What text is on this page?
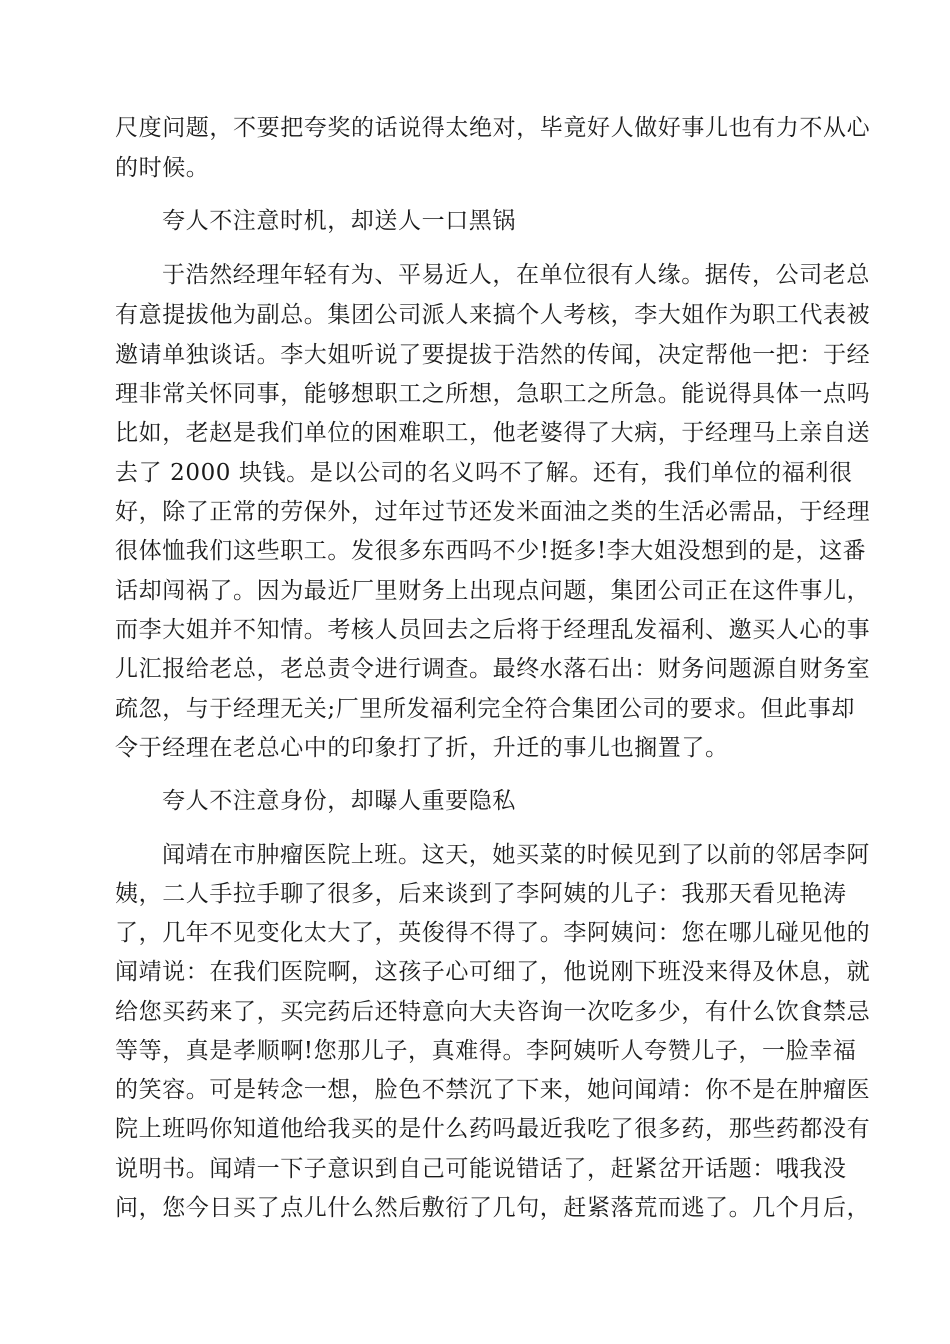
尺度问题，不要把夸奖的话说得太绝对，毕竟好人做好事儿也有力不从心
的时候。
夸人不注意时机，却送人一口黑锅
于浩然经理年轻有为、平易近人，在单位很有人缘。据传，公司老总
有意提拔他为副总。集团公司派人来搞个人考核，李大姐作为职工代表被
邀请单独谈话。李大姐听说了要提拔于浩然的传闻，决定帮他一把：于经
理非常关怀同事，能够想职工之所想，急职工之所急。能说得具体一点吗
比如，老赵是我们单位的困难职工，他老婆得了大病，于经理马上亲自送
去了 2000 块钱。是以公司的名义吗不了解。还有，我们单位的福利很
好，除了正常的劳保外，过年过节还发米面油之类的生活必需品，于经理
很体恤我们这些职工。发很多东西吗不少!挺多!李大姐没想到的是，这番
话却闯祸了。因为最近厂里财务上出现点问题，集团公司正在这件事儿，
而李大姐并不知情。考核人员回去之后将于经理乱发福利、邀买人心的事
儿汇报给老总，老总责令进行调查。最终水落石出：财务问题源自财务室
疏忽，与于经理无关;厂里所发福利完全符合集团公司的要求。但此事却
令于经理在老总心中的印象打了折，升迁的事儿也搁置了。
夸人不注意身份，却曝人重要隐私
闻靖在市肿瘤医院上班。这天，她买菜的时候见到了以前的邻居李阿
姨，二人手拉手聊了很多，后来谈到了李阿姨的儿子：我那天看见艳涛
了，几年不见变化太大了，英俊得不得了。李阿姨问：您在哪儿碰见他的
闻靖说：在我们医院啊，这孩子心可细了，他说刚下班没来得及休息，就
给您买药来了，买完药后还特意向大夫咨询一次吃多少，有什么饮食禁忌
等等，真是孝顺啊!您那儿子，真难得。李阿姨听人夸赞儿子，一脸幸福
的笑容。可是转念一想，脸色不禁沉了下来，她问闻靖：你不是在肿瘤医
院上班吗你知道他给我买的是什么药吗最近我吃了很多药，那些药都没有
说明书。闻靖一下子意识到自己可能说错话了，赶紧岔开话题：哦我没
问，您今日买了点儿什么然后敷衍了几句，赶紧落荒而逃了。几个月后，
